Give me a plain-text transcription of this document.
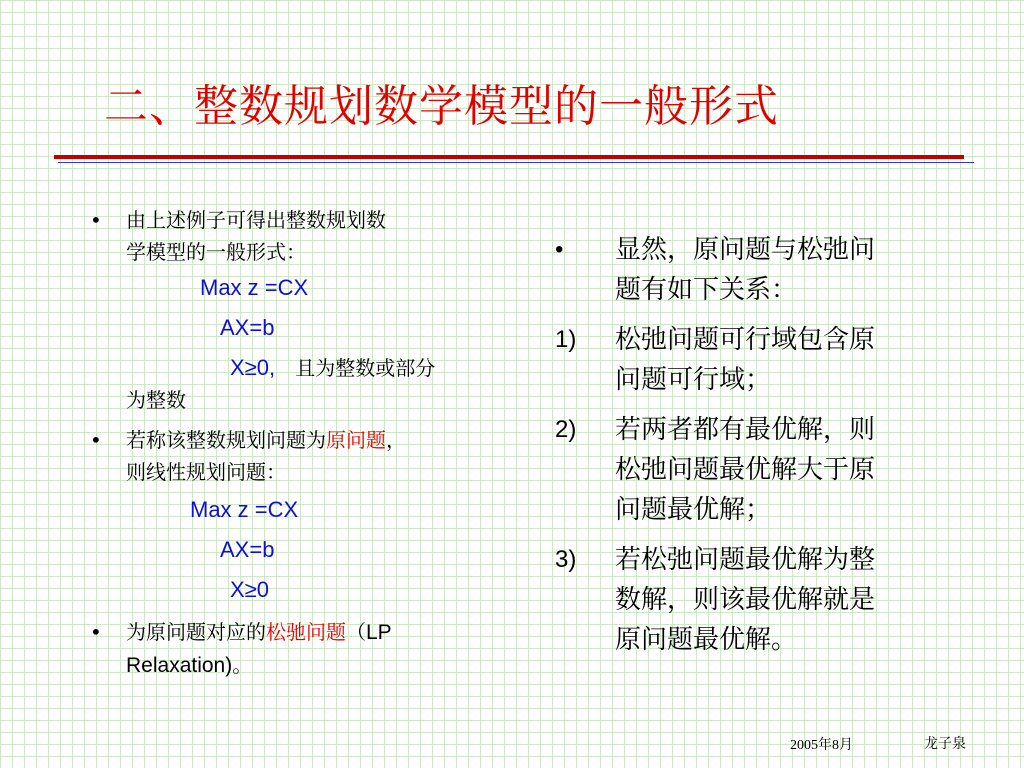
二、整数规划数学模型的一般形式
• 由上述例子可得出整数规划数
学模型的一般形式：
Max z =CX
AX=b
X≥0, 且为整数或部分
为整数
• 若称该整数规划问题为原问题，
则线性规划问题：
Max z =CX
AX=b
X≥0
• 为原问题对应的松驰问题（LP
Relaxation)。
• 显然，原问题与松弛问
题有如下关系：
1) 松弛问题可行域包含原
问题可行域；
2) 若两者都有最优解，则
松弛问题最优解大于原
问题最优解；
3) 若松弛问题最优解为整
数解，则该最优解就是
原问题最优解。
2005年8月	龙子泉
